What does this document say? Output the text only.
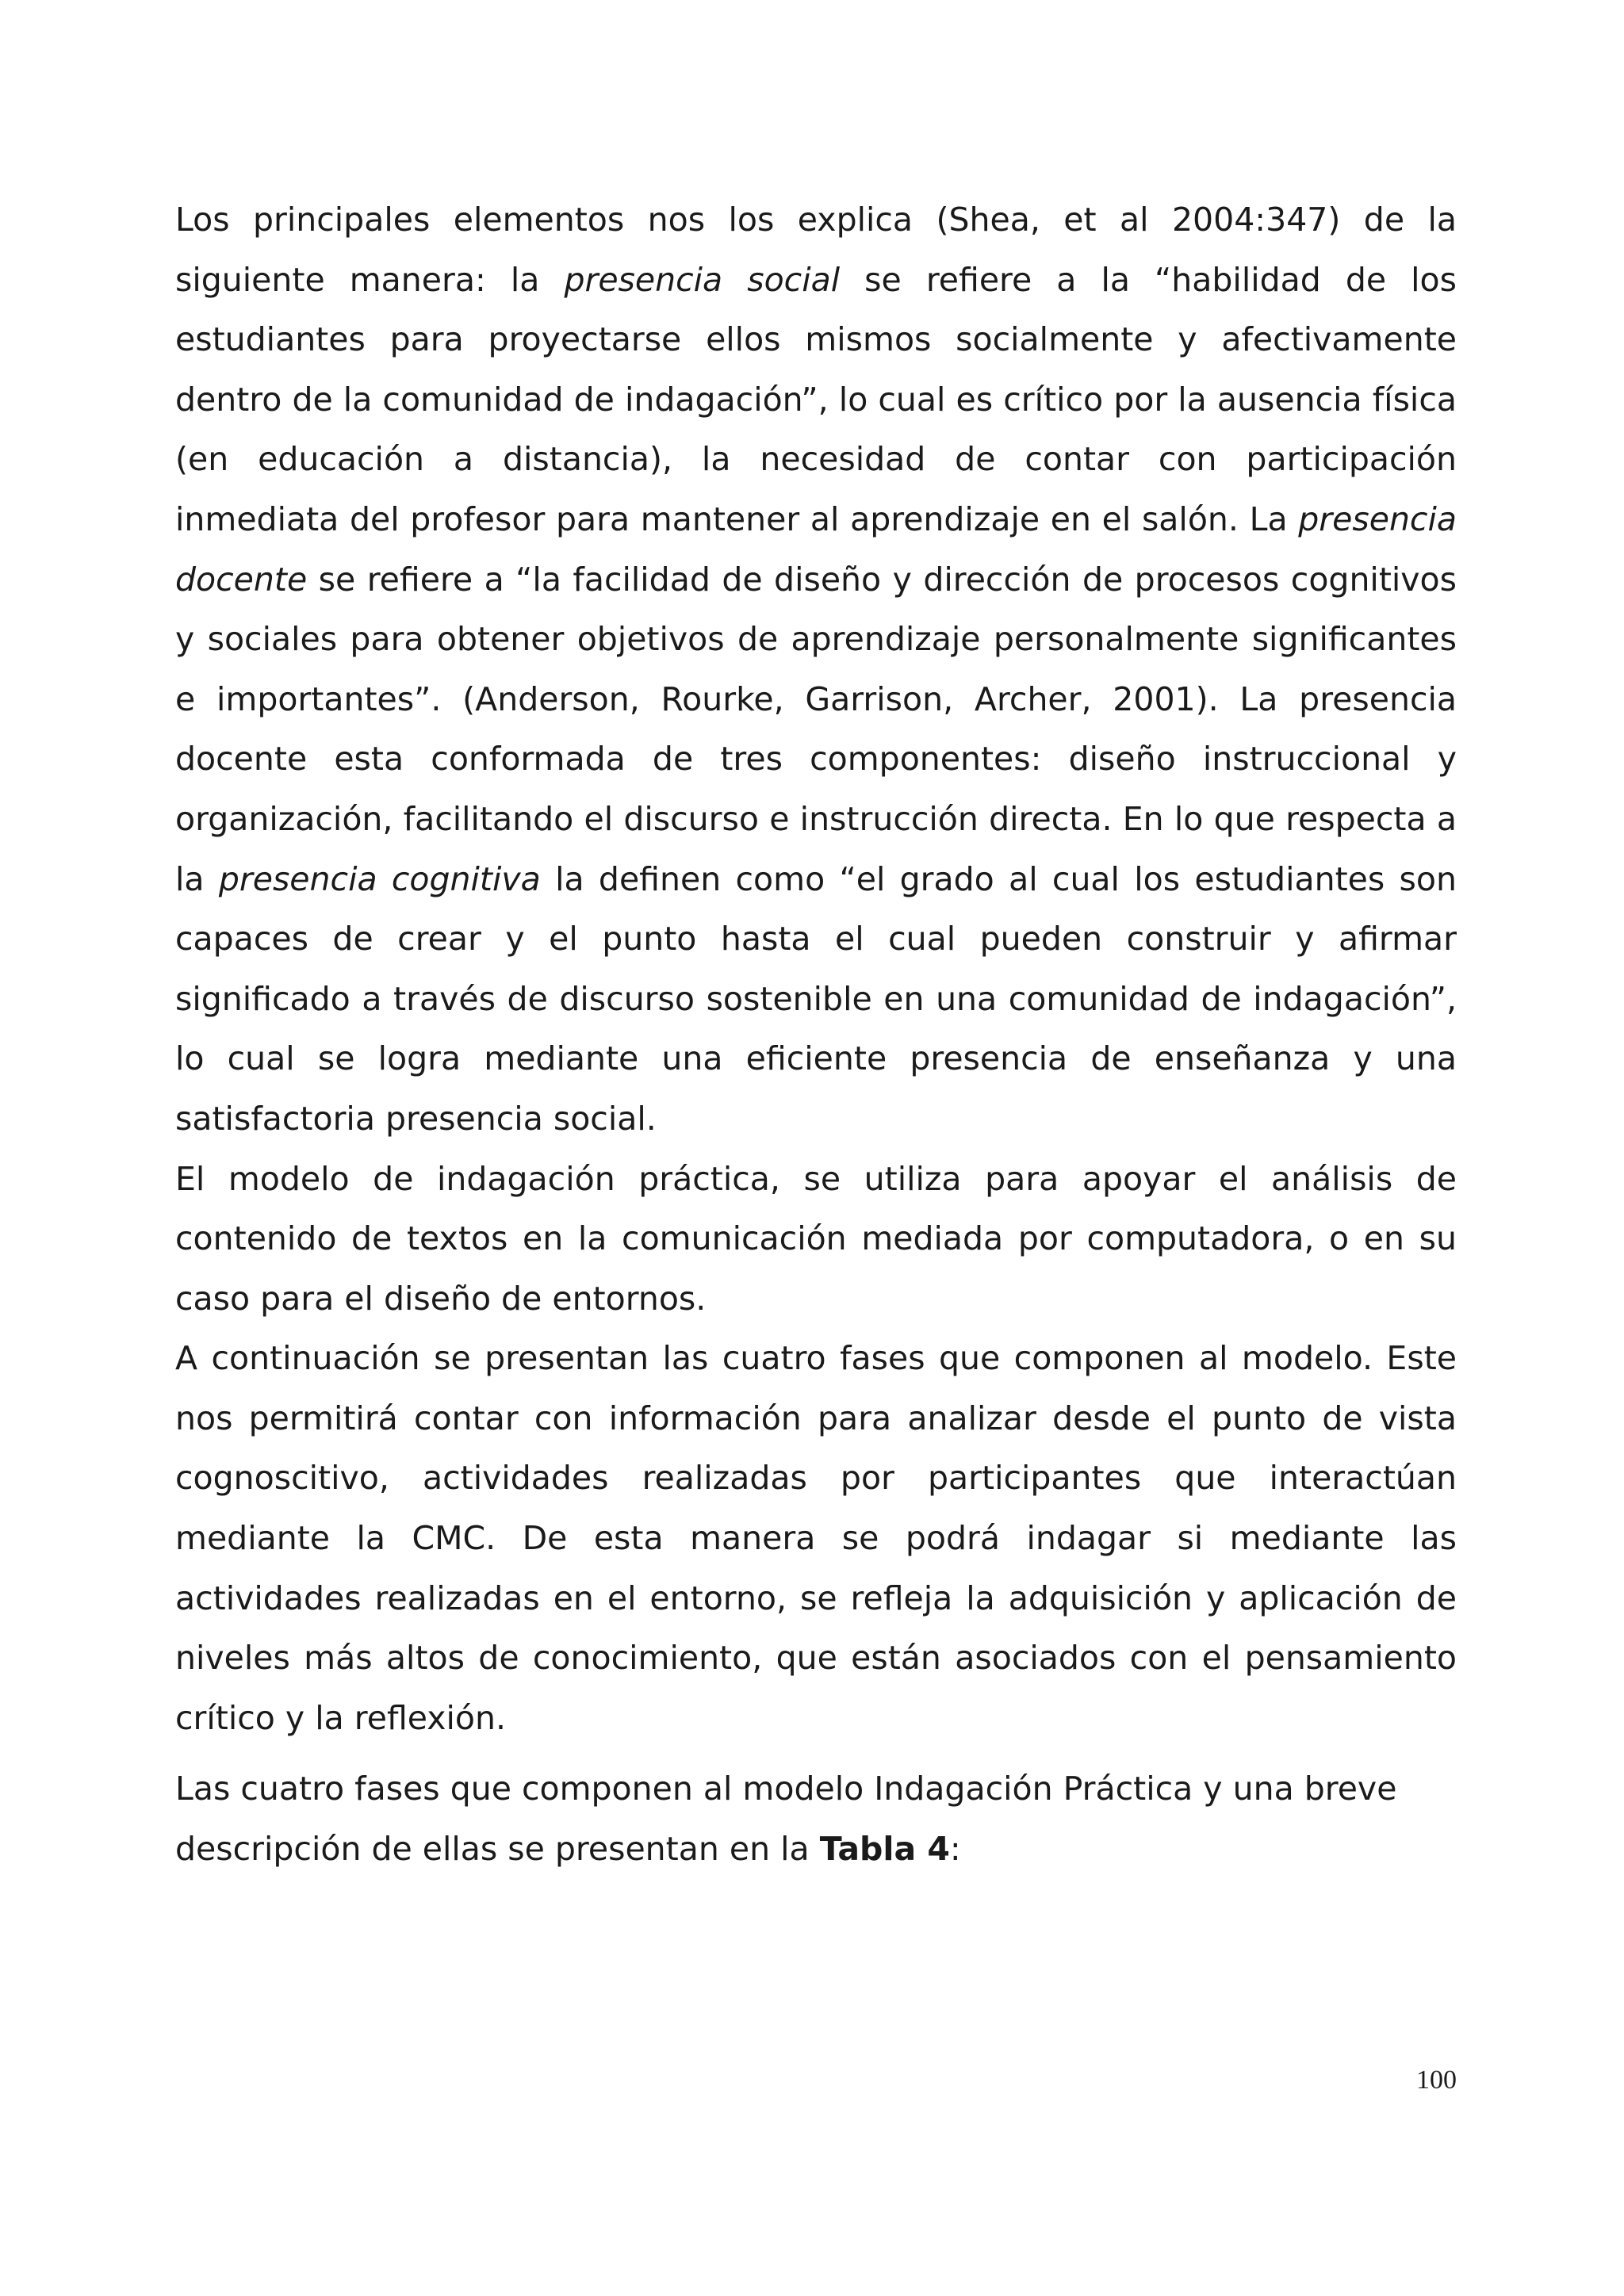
Los principales elementos nos los explica (Shea, et al 2004:347) de la siguiente manera: la presencia social se refiere a la “habilidad de los estudiantes para proyectarse ellos mismos socialmente y afectivamente dentro de la comunidad de indagación”, lo cual es crítico por la ausencia física (en educación a distancia), la necesidad de contar con participación inmediata del profesor para mantener al aprendizaje en el salón. La presencia docente se refiere a “la facilidad de diseño y dirección de procesos cognitivos y sociales para obtener objetivos de aprendizaje personalmente significantes e importantes”. (Anderson, Rourke, Garrison, Archer, 2001). La presencia docente esta conformada de tres componentes: diseño instruccional y organización, facilitando el discurso e instrucción directa. En lo que respecta a la presencia cognitiva la definen como “el grado al cual los estudiantes son capaces de crear y el punto hasta el cual pueden construir y afirmar significado a través de discurso sostenible en una comunidad de indagación”, lo cual se logra mediante una eficiente presencia de enseñanza y una satisfactoria presencia social.

El modelo de indagación práctica, se utiliza para apoyar el análisis de contenido de textos en la comunicación mediada por computadora, o en su caso para el diseño de entornos.

A continuación se presentan las cuatro fases que componen al modelo. Este nos permitirá contar con información para analizar desde el punto de vista cognoscitivo, actividades realizadas por participantes que interactúan mediante la CMC. De esta manera se podrá indagar si mediante las actividades realizadas en el entorno, se refleja la adquisición y aplicación de niveles más altos de conocimiento, que están asociados con el pensamiento crítico y la reflexión.

Las cuatro fases que componen al modelo Indagación Práctica y una breve descripción de ellas se presentan en la Tabla 4:

100
